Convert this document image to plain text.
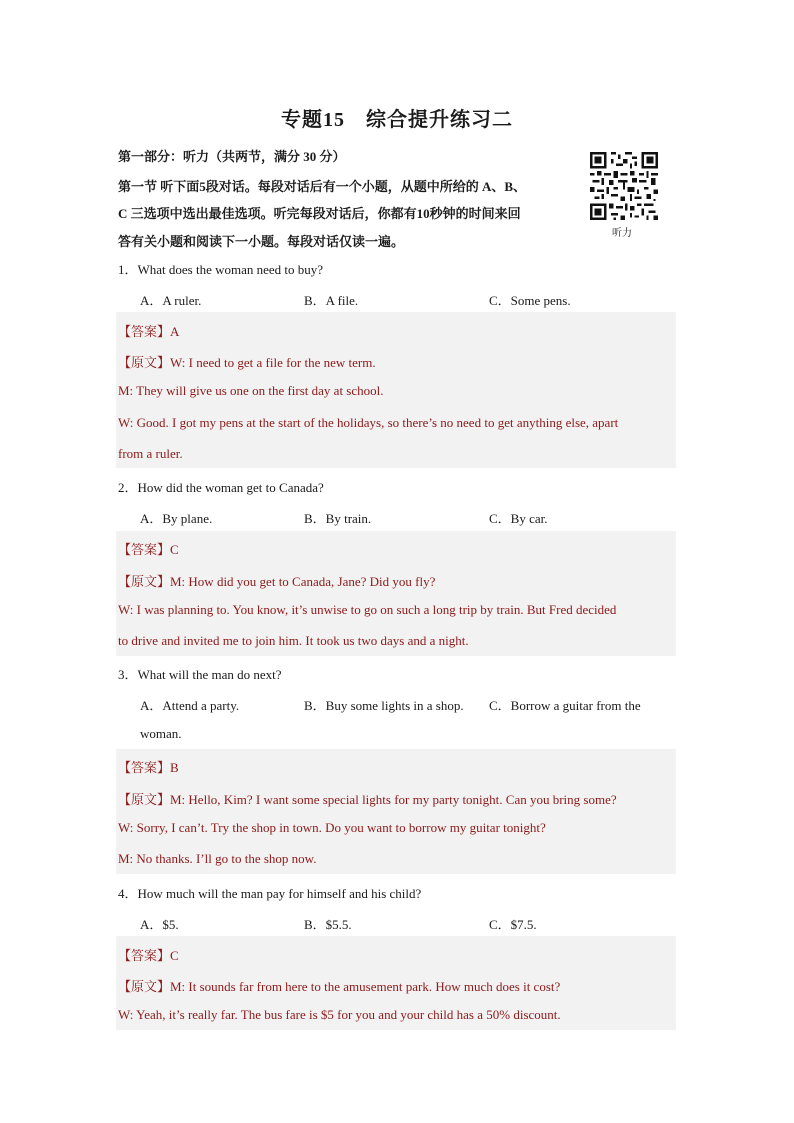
专题15　综合提升练习二
第一部分：听力（共两节，满分 30 分）
第一节 听下面5段对话。每段对话后有一个小题，从题中所给的 A、B、
C 三选项中选出最佳选项。听完每段对话后，你都有10秒钟的时间来回
答有关小题和阅读下一小题。每段对话仅读一遍。
听力
1．What does the woman need to buy?
A．A ruler.	B．A file.	C．Some pens.
【答案】A
【原文】W: I need to get a file for the new term.
M: They will give us one on the first day at school.
W: Good. I got my pens at the start of the holidays, so there’s no need to get anything else, apart
from a ruler.
2．How did the woman get to Canada?
A．By plane.	B．By train.	C．By car.
【答案】C
【原文】M: How did you get to Canada, Jane? Did you fly?
W: I was planning to. You know, it’s unwise to go on such a long trip by train. But Fred decided
to drive and invited me to join him. It took us two days and a night.
3．What will the man do next?
A．Attend a party.	B．Buy some lights in a shop. C．Borrow a guitar from the
woman.
【答案】B
【原文】M: Hello, Kim? I want some special lights for my party tonight. Can you bring some?
W: Sorry, I can’t. Try the shop in town. Do you want to borrow my guitar tonight?
M: No thanks. I’ll go to the shop now.
4．How much will the man pay for himself and his child?
A．$5.	B．$5.5.	C．$7.5.
【答案】C
【原文】M: It sounds far from here to the amusement park. How much does it cost?
W: Yeah, it’s really far. The bus fare is $5 for you and your child has a 50% discount.
